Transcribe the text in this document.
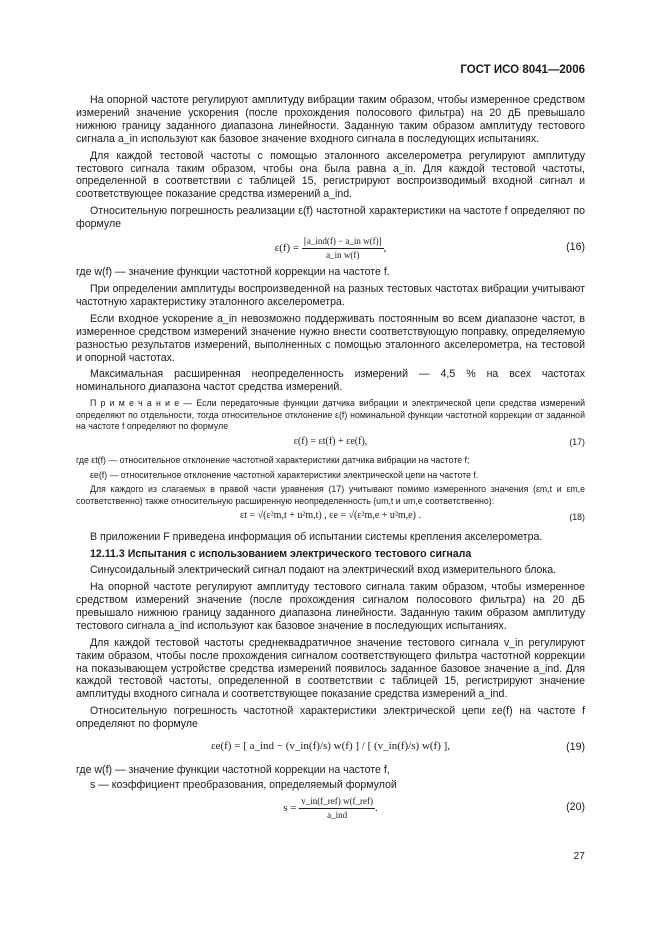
ГОСТ ИСО 8041—2006

На опорной частоте регулируют амплитуду вибрации таким образом, чтобы измеренное средством измерений значение ускорения (после прохождения полосового фильтра) на 20 дБ превышало нижнюю границу заданного диапазона линейности. Заданную таким образом амплитуду тестового сигнала a_in используют как базовое значение входного сигнала в последующих испытаниях.

Для каждой тестовой частоты с помощью эталонного акселерометра регулируют амплитуду тестового сигнала таким образом, чтобы она была равна a_in. Для каждой тестовой частоты, определенной в соответствии с таблицей 15, регистрируют воспроизводимый входной сигнал и соответствующее показание средства измерений a_ind.

Относительную погрешность реализации ε(f) частотной характеристики на частоте f определяют по формуле

$\varepsilon(f) = \frac{\text{[a\_ind(f) − a\_in w(f)]}}{\text{a\_in w(f)}}$ ,	(16)

где w(f) — значение функции частотной коррекции на частоте f.

При определении амплитуды воспроизведенной на разных тестовых частотах вибрации учитывают частотную характеристику эталонного акселерометра.

Если входное ускорение a_in невозможно поддерживать постоянным во всем диапазоне частот, в измеренное средством измерений значение нужно внести соответствующую поправку, определяемую разностью результатов измерений, выполненных с помощью эталонного акселерометра, на тестовой и опорной частотах.

Максимальная расширенная неопределенность измерений — 4,5 % на всех частотах номинального диапазона частот средства измерений.

П р и м е ч а н и е — Если передаточные функции датчика вибрации и электрической цепи средства измерений определяют по отдельности, тогда относительное отклонение ε(f) номинальной функции частотной коррекции от заданной на частоте f определяют по формуле

ε(f) = εt(f) + εe(f),	(17)

где εt(f) — относительное отклонение частотной характеристики датчика вибрации на частоте f;

εe(f) — относительное отклонение частотной характеристики электрической цепи на частоте f.

Для каждого из слагаемых в правой части уравнения (17) учитывают помимо измеренного значения (εm,t и εm,e соответственно) также относительную расширенную неопределенность (um,t и um,e соответственно):

εt = √(ε²m,t + u²m,t) , εe = √(ε²m,e + u²m,e) .	(18)

В приложении F приведена информация об испытании системы крепления акселерометра.

12.11.3 Испытания с использованием электрического тестового сигнала

Синусоидальный электрический сигнал подают на электрический вход измерительного блока.

На опорной частоте регулируют амплитуду тестового сигнала таким образом, чтобы измеренное средством измерений значение (после прохождения сигналом полосового фильтра) на 20 дБ превышало нижнюю границу заданного диапазона линейности. Заданную таким образом амплитуду тестового сигнала a_ind используют как базовое значение в последующих испытаниях.

Для каждой тестовой частоты среднеквадратичное значение тестового сигнала v_in регулируют таким образом, чтобы после прохождения сигналом соответствующего фильтра частотной коррекции на показывающем устройстве средства измерений появилось заданное базовое значение a_ind. Для каждой тестовой частоты, определенной в соответствии с таблицей 15, регистрируют значение амплитуды входного сигнала и соответствующее показание средства измерений a_ind.

Относительную погрешность частотной характеристики электрической цепи εe(f) на частоте f определяют по формуле

εe(f) = [ a_ind − (v_in(f)/s) w(f) ] / [ (v_in(f)/s) w(f) ],	(19)

где w(f) — значение функции частотной коррекции на частоте f,

s — коэффициент преобразования, определяемый формулой

$s = \frac{\text{v\_in(f\_ref) w(f\_ref)}}{\text{a\_ind}}$ .	(20)
27
